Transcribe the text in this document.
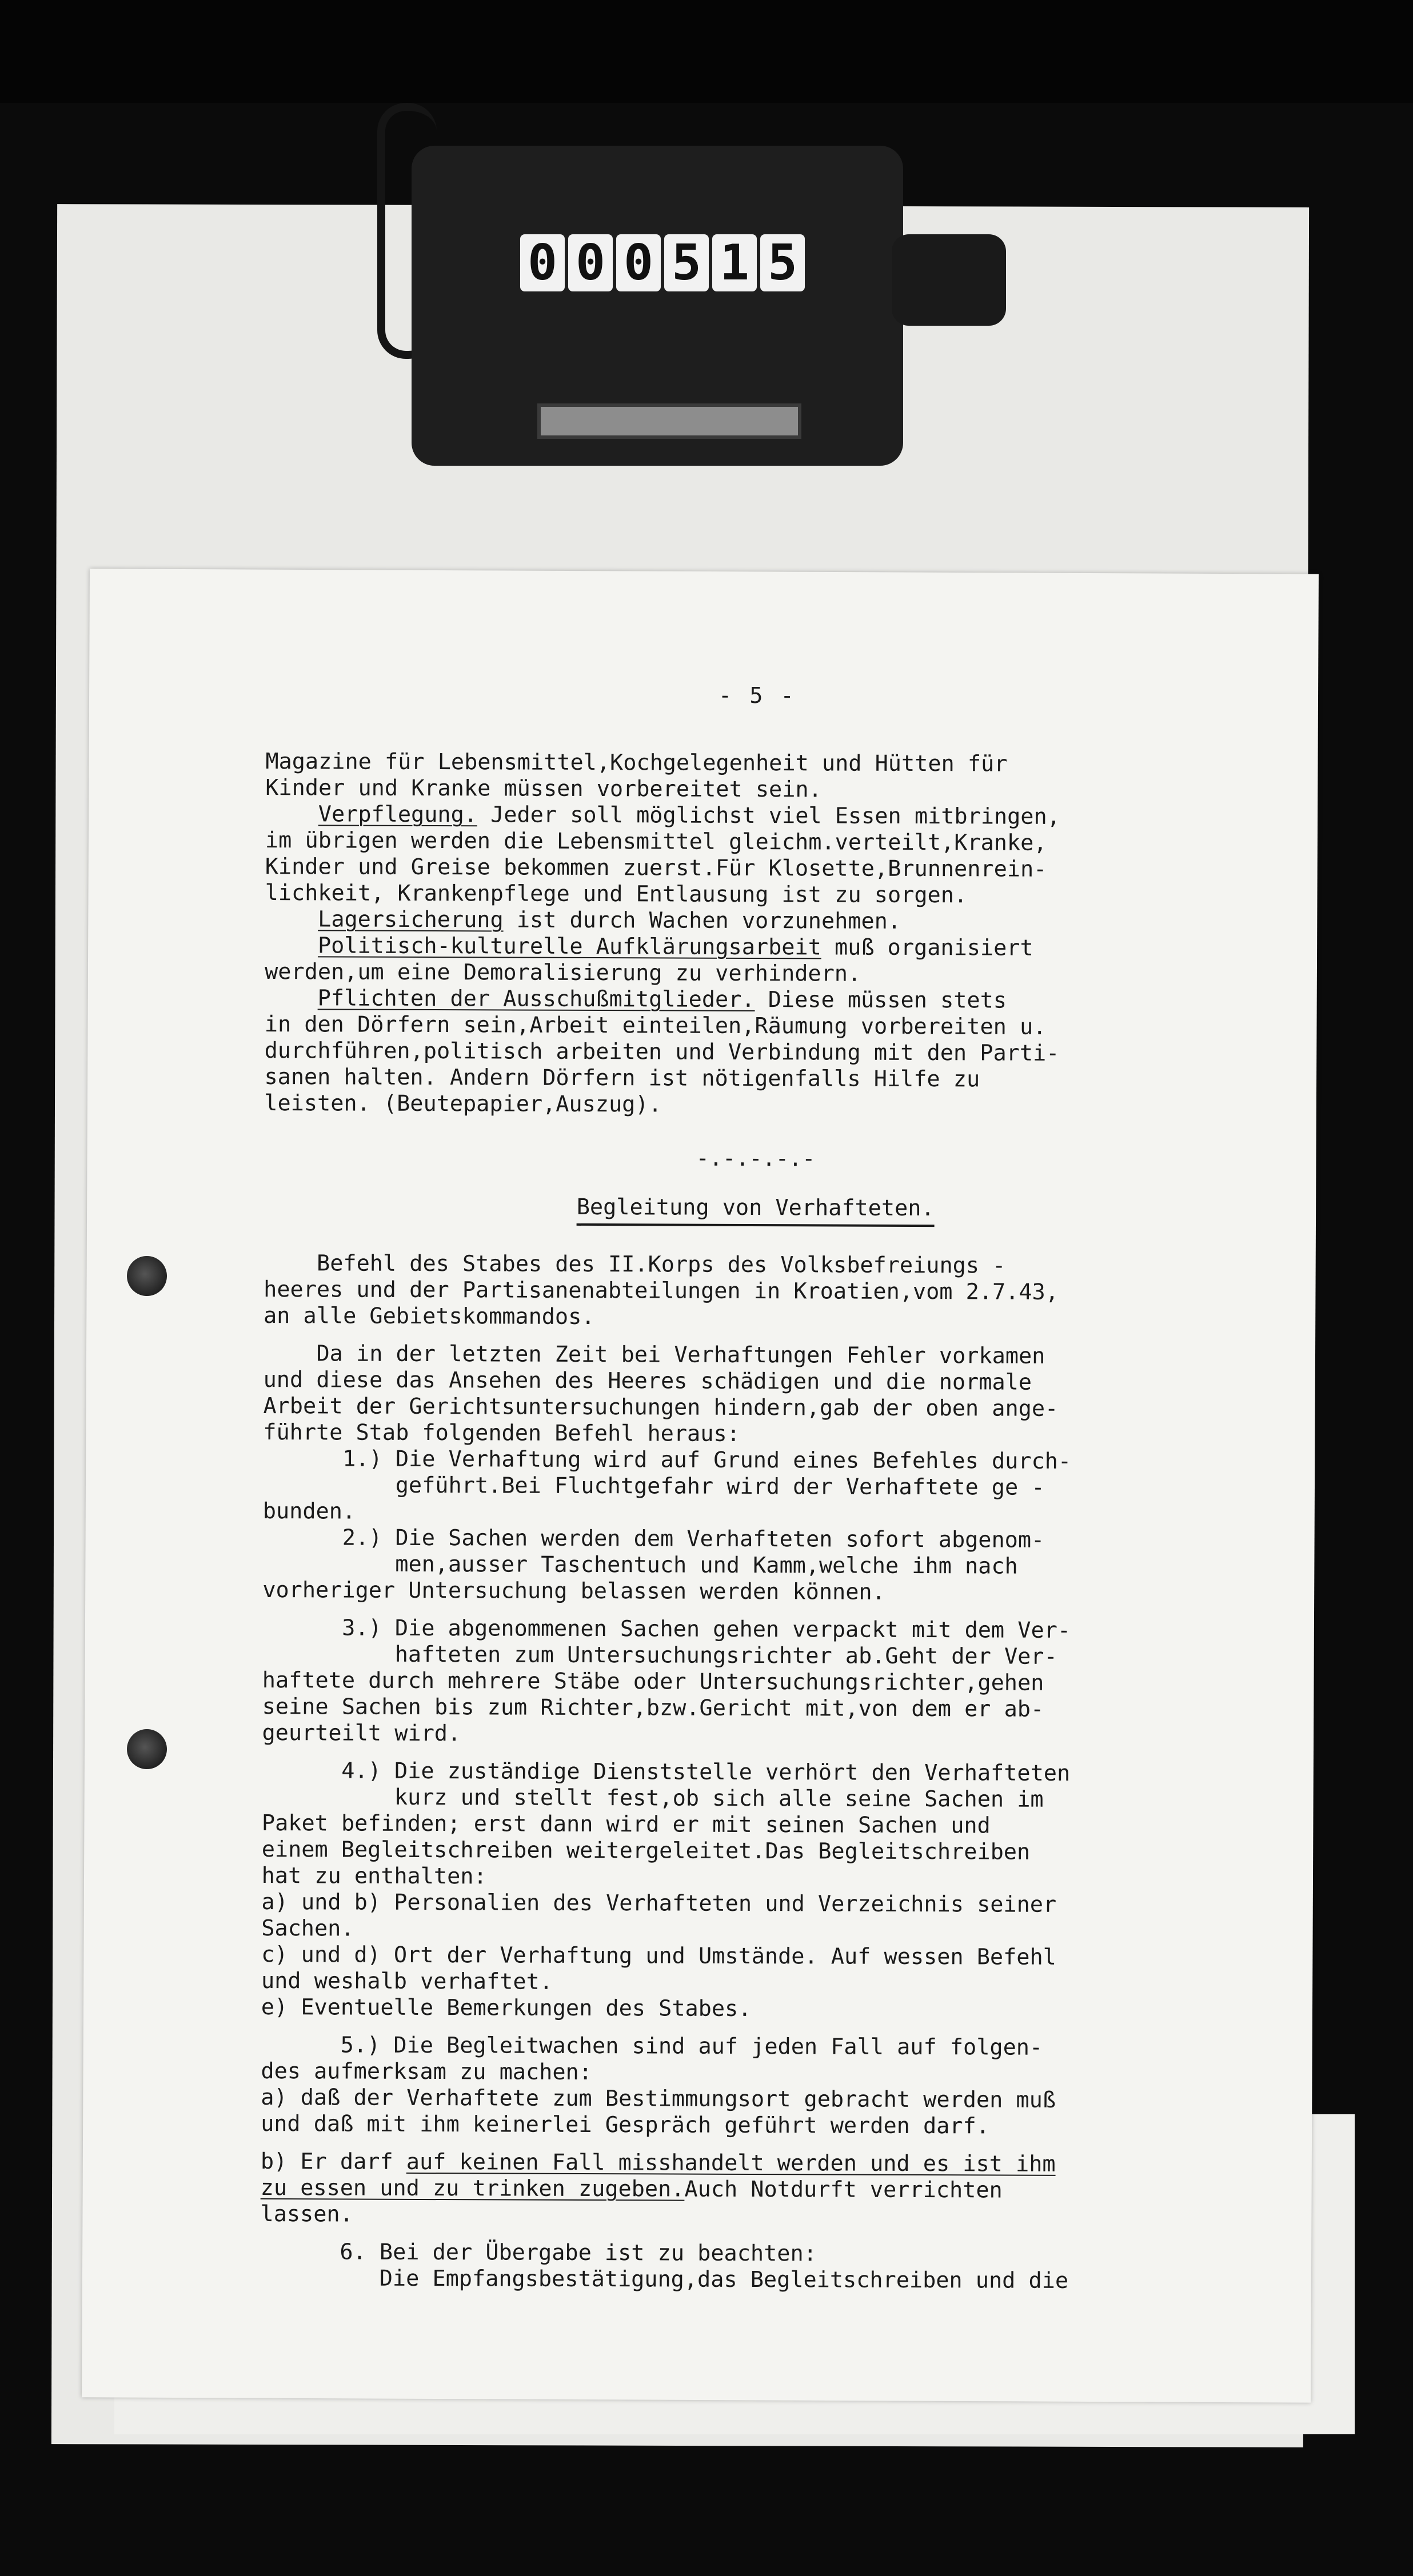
0 0 0 5 1 5
- 5 -
Magazine für Lebensmittel,Kochgelegenheit und Hütten für
Kinder und Kranke müssen vorbereitet sein.
Verpflegung. Jeder soll möglichst viel Essen mitbringen,
im übrigen werden die Lebensmittel gleichm.verteilt,Kranke,
Kinder und Greise bekommen zuerst.Für Klosette,Brunnenrein-
lichkeit, Krankenpflege und Entlausung ist zu sorgen.
Lagersicherung ist durch Wachen vorzunehmen.
Politisch-kulturelle Aufklärungsarbeit muß organisiert
werden,um eine Demoralisierung zu verhindern.
Pflichten der Ausschußmitglieder. Diese müssen stets
in den Dörfern sein,Arbeit einteilen,Räumung vorbereiten u.
durchführen,politisch arbeiten und Verbindung mit den Parti-
sanen halten. Andern Dörfern ist nötigenfalls Hilfe zu
leisten. (Beutepapier,Auszug).
-.-.-.-.-
Begleitung von Verhafteten.
Befehl des Stabes des II.Korps des Volksbefreiungs -
heeres und der Partisanenabteilungen in Kroatien,vom 2.7.43,
an alle Gebietskommandos.
Da in der letzten Zeit bei Verhaftungen Fehler vorkamen
und diese das Ansehen des Heeres schädigen und die normale
Arbeit der Gerichtsuntersuchungen hindern,gab der oben ange-
führte Stab folgenden Befehl heraus:
1.) Die Verhaftung wird auf Grund eines Befehles durch-
geführt.Bei Fluchtgefahr wird der Verhaftete ge -
bunden.
2.) Die Sachen werden dem Verhafteten sofort abgenom-
men,ausser Taschentuch und Kamm,welche ihm nach
vorheriger Untersuchung belassen werden können.
3.) Die abgenommenen Sachen gehen verpackt mit dem Ver-
hafteten zum Untersuchungsrichter ab.Geht der Ver-
haftete durch mehrere Stäbe oder Untersuchungsrichter,gehen
seine Sachen bis zum Richter,bzw.Gericht mit,von dem er ab-
geurteilt wird.
4.) Die zuständige Dienststelle verhört den Verhafteten
kurz und stellt fest,ob sich alle seine Sachen im
Paket befinden; erst dann wird er mit seinen Sachen und
einem Begleitschreiben weitergeleitet.Das Begleitschreiben
hat zu enthalten:
a) und b) Personalien des Verhafteten und Verzeichnis seiner
Sachen.
c) und d) Ort der Verhaftung und Umstände. Auf wessen Befehl
und weshalb verhaftet.
e) Eventuelle Bemerkungen des Stabes.
5.) Die Begleitwachen sind auf jeden Fall auf folgen-
des aufmerksam zu machen:
a) daß der Verhaftete zum Bestimmungsort gebracht werden muß
und daß mit ihm keinerlei Gespräch geführt werden darf.
b) Er darf auf keinen Fall misshandelt werden und es ist ihm
zu essen und zu trinken zugeben.Auch Notdurft verrichten
lassen.
6. Bei der Übergabe ist zu beachten:
Die Empfangsbestätigung,das Begleitschreiben und die
